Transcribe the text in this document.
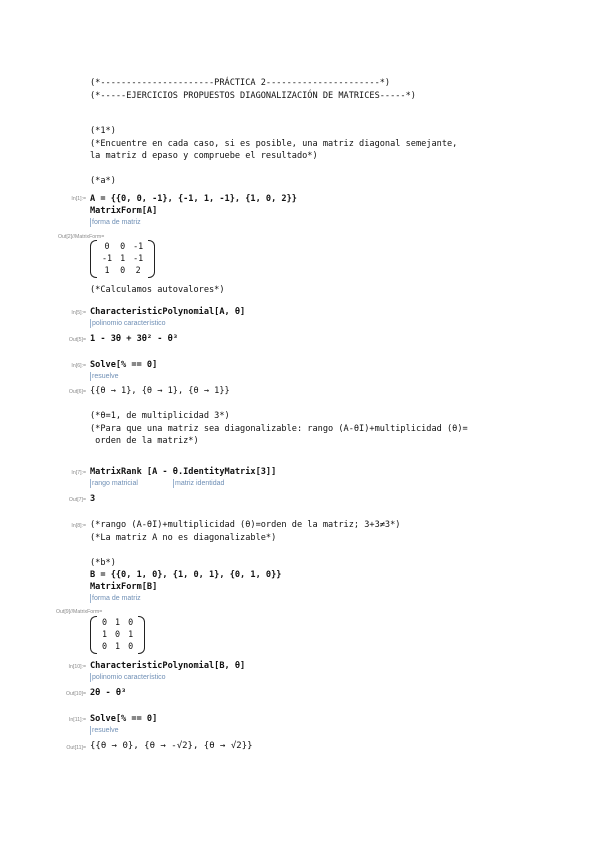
(*----------------------PRÁCTICA 2----------------------*)
(*-----EJERCICIOS PROPUESTOS DIAGONALIZACIÓN DE MATRICES-----*)
(*1*)
(*Encuentre en cada caso, si es posible, una matriz diagonal semejante,
la matriz d epaso y compruebe el resultado*)
(*a*)
In[1]:= A = {{0, 0, -1}, {-1, 1, -1}, {1, 0, 2}}
MatrixForm[A]
forma de matriz
Out[2]//MatrixForm=
0	0	-1
-1	1	-1
1	0	2
(*Calculamos autovalores*)
In[5]:= CharacteristicPolynomial[A, θ]
polinomio característico
Out[5]= 1 - 3θ + 3θ² - θ³
In[6]:= Solve[% == 0]
resuelve
Out[6]= {{θ → 1}, {θ → 1}, {θ → 1}}
(*θ=1, de multiplicidad 3*)
(*Para que una matriz sea diagonalizable: rango (A-θI)+multiplicidad (θ)=
orden de la matriz*)
In[7]:= MatrixRank [A - θ.IdentityMatrix[3]]
rango matricial	matriz identidad
Out[7]= 3
In[8]:= (*rango (A-θI)+multiplicidad (θ)=orden de la matriz; 3+3≠3*)
(*La matriz A no es diagonalizable*)
(*b*)
B = {{0, 1, 0}, {1, 0, 1}, {0, 1, 0}}
MatrixForm[B]
forma de matriz
Out[9]//MatrixForm=
0	1	0
1	0	1
0	1	0
In[10]:= CharacteristicPolynomial[B, θ]
polinomio característico
Out[10]= 2θ - θ³
In[11]:= Solve[% == 0]
resuelve
Out[11]= {{θ → 0}, {θ → -√2}, {θ → √2}}
